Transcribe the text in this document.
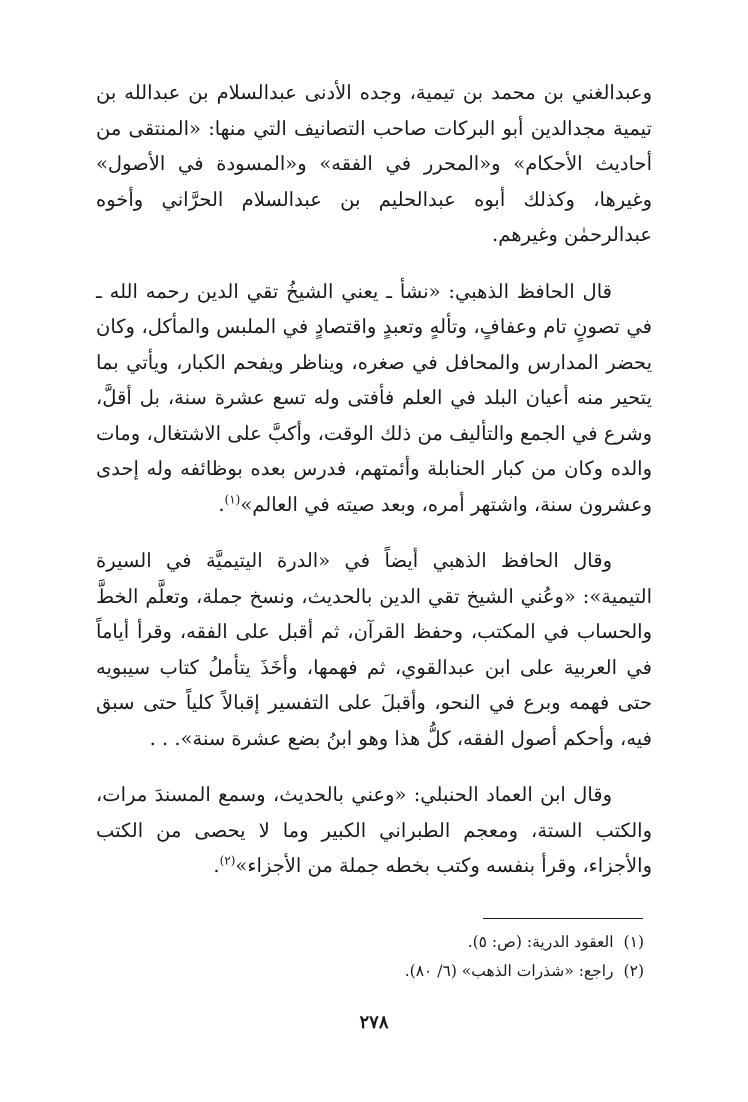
وعبدالغني بن محمد بن تيمية، وجده الأدنى عبدالسلام بن عبدالله بن تيمية مجدالدين أبو البركات صاحب التصانيف التي منها: «المنتقى من أحاديث الأحكام» و«المحرر في الفقه» و«المسودة في الأصول» وغيرها، وكذلك أبوه عبدالحليم بن عبدالسلام الحرَّاني وأخوه عبدالرحمٰن وغيرهم.

قال الحافظ الذهبي: «نشأ ـ يعني الشيخُ تقي الدين رحمه الله ـ في تصونٍ تام وعفافٍ، وتألهٍ وتعبدٍ واقتصادٍ في الملبس والمأكل، وكان يحضر المدارس والمحافل في صغره، ويناظر ويفحم الكبار، ويأتي بما يتحير منه أعيان البلد في العلم فأفتى وله تسع عشرة سنة، بل أقلَّ، وشرع في الجمع والتأليف من ذلك الوقت، وأكبَّ على الاشتغال، ومات والده وكان من كبار الحنابلة وأئمتهم، فدرس بعده بوظائفه وله إحدى وعشرون سنة، واشتهر أمره، وبعد صيته في العالم»$^{(١)}$.

وقال الحافظ الذهبي أيضاً في «الدرة اليتيميَّة في السيرة التيمية»: «وعُني الشيخ تقي الدين بالحديث، ونسخ جملة، وتعلَّم الخطَّ والحساب في المكتب، وحفظ القرآن، ثم أقبل على الفقه، وقرأ أياماً في العربية على ابن عبدالقوي، ثم فهمها، وأخَذَ يتأملُ كتاب سيبويه حتى فهمه وبرع في النحو، وأقبلَ على التفسير إقبالاً كلياً حتى سبق فيه، وأحكم أصول الفقه، كلُّ هذا وهو ابنُ بضع عشرة سنة». . .

وقال ابن العماد الحنبلي: «وعني بالحديث، وسمع المسندَ مرات، والكتب الستة، ومعجم الطبراني الكبير وما لا يحصى من الكتب والأجزاء، وقرأ بنفسه وكتب بخطه جملة من الأجزاء»$^{(٢)}$.

(١)العقود الدرية: (ص: ٥).
(٢)راجع: «شذرات الذهب» (٦/ ٨٠).
٢٧٨
